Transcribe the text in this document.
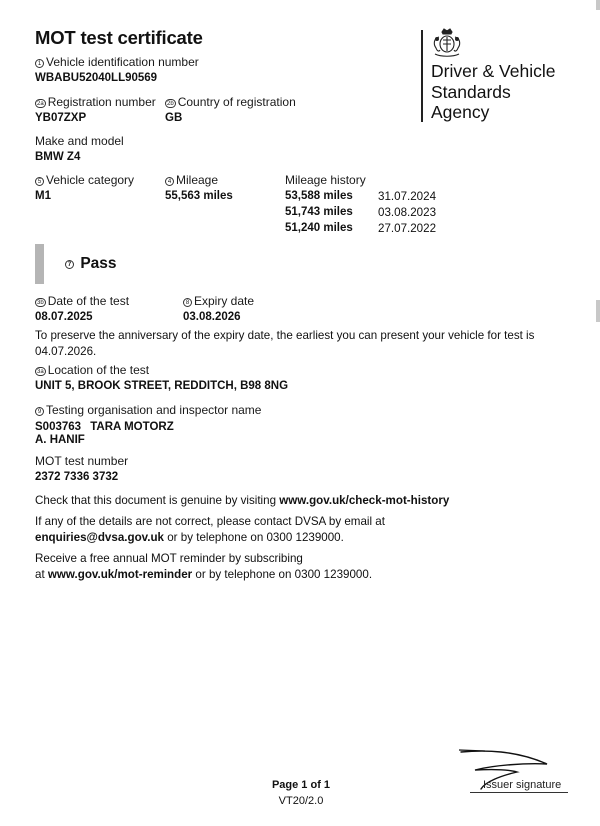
MOT test certificate
Driver & Vehicle
Standards
Agency
1 Vehicle identification number
WBABU52040LL90569
2a Registration number
YB07ZXP
2b Country of registration
GB
Make and model
BMW Z4
5 Vehicle category
M1
4 Mileage
55,563 miles
Mileage history
53,588 miles 31.07.2024
51,743 miles 03.08.2023
51,240 miles 27.07.2022
7 Pass
3b Date of the test
08.07.2025
8 Expiry date
03.08.2026
To preserve the anniversary of the expiry date, the earliest you can present your vehicle for test is
04.07.2026.
3a Location of the test
UNIT 5, BROOK STREET, REDDITCH, B98 8NG
9 Testing organisation and inspector name
S003763 TARA MOTORZ
A. HANIF
MOT test number
2372 7336 3732
Check that this document is genuine by visiting www.gov.uk/check-mot-history
If any of the details are not correct, please contact DVSA by email at
enquiries@dvsa.gov.uk or by telephone on 0300 1239000.
Receive a free annual MOT reminder by subscribing
at www.gov.uk/mot-reminder or by telephone on 0300 1239000.
Page 1 of 1
VT20/2.0
Issuer signature
